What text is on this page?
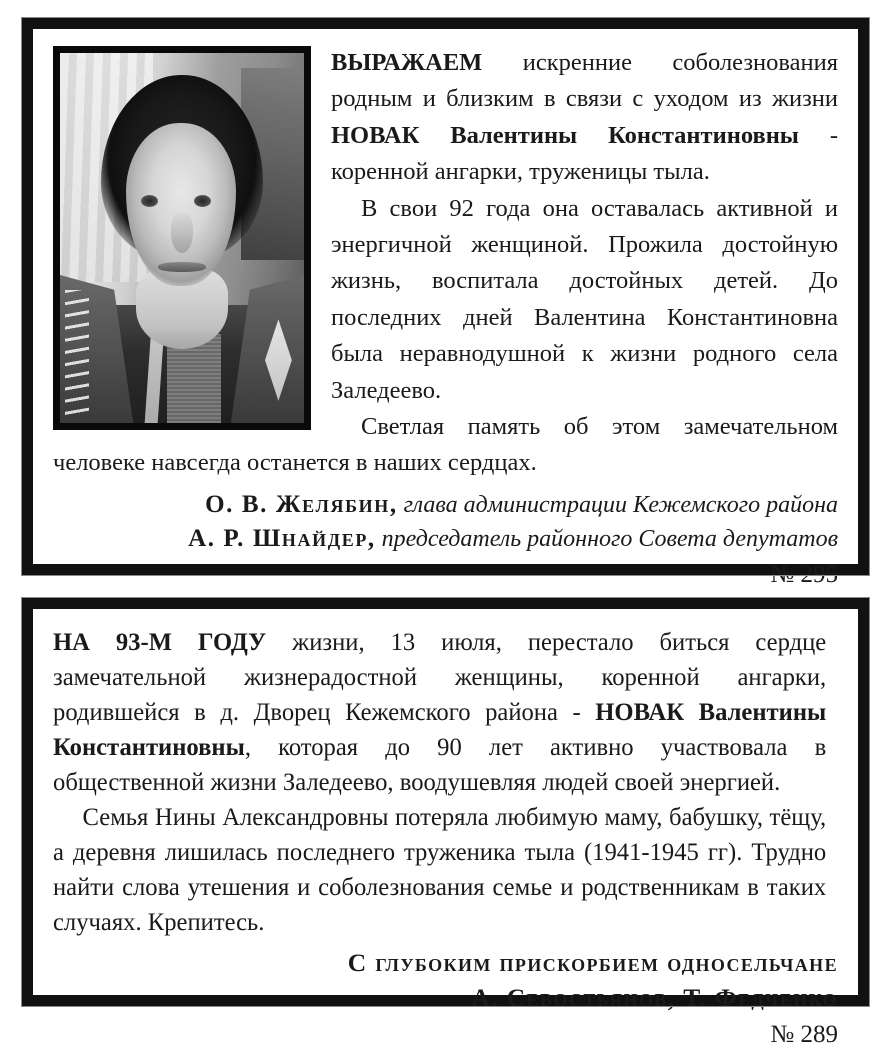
ВЫРАЖАЕМ искренние соболезнования родным и близким в связи с уходом из жизни НОВАК Валентины Константиновны - коренной ангарки, труженицы тыла.

В свои 92 года она оставалась активной и энергичной женщиной. Прожила достойную жизнь, воспитала достойных детей. До последних дней Валентина Константиновна была неравнодушной к жизни родного села Заледеево.

Светлая память об этом замечательном человеке навсегда останется в наших сердцах.

О. В. Желябин, глава администрации Кежемского района
А. Р. Шнайдер, председатель районного Совета депутатов
№ 295

НА 93-М ГОДУ жизни, 13 июля, перестало биться сердце замечательной жизнерадостной женщины, коренной ангарки, родившейся в д. Дворец Кежемского района - НОВАК Валентины Константиновны, которая до 90 лет активно участвовала в общественной жизни Заледеево, воодушевляя людей своей энергией.

Семья Нины Александровны потеряла любимую маму, бабушку, тёщу, а деревня лишилась последнего труженика тыла (1941-1945 гг). Трудно найти слова утешения и соболезнования семье и родственникам в таких случаях. Крепитесь.

С глубоким прискорбием односельчане
А. Севостьянов, Т. Федченко
№ 289
